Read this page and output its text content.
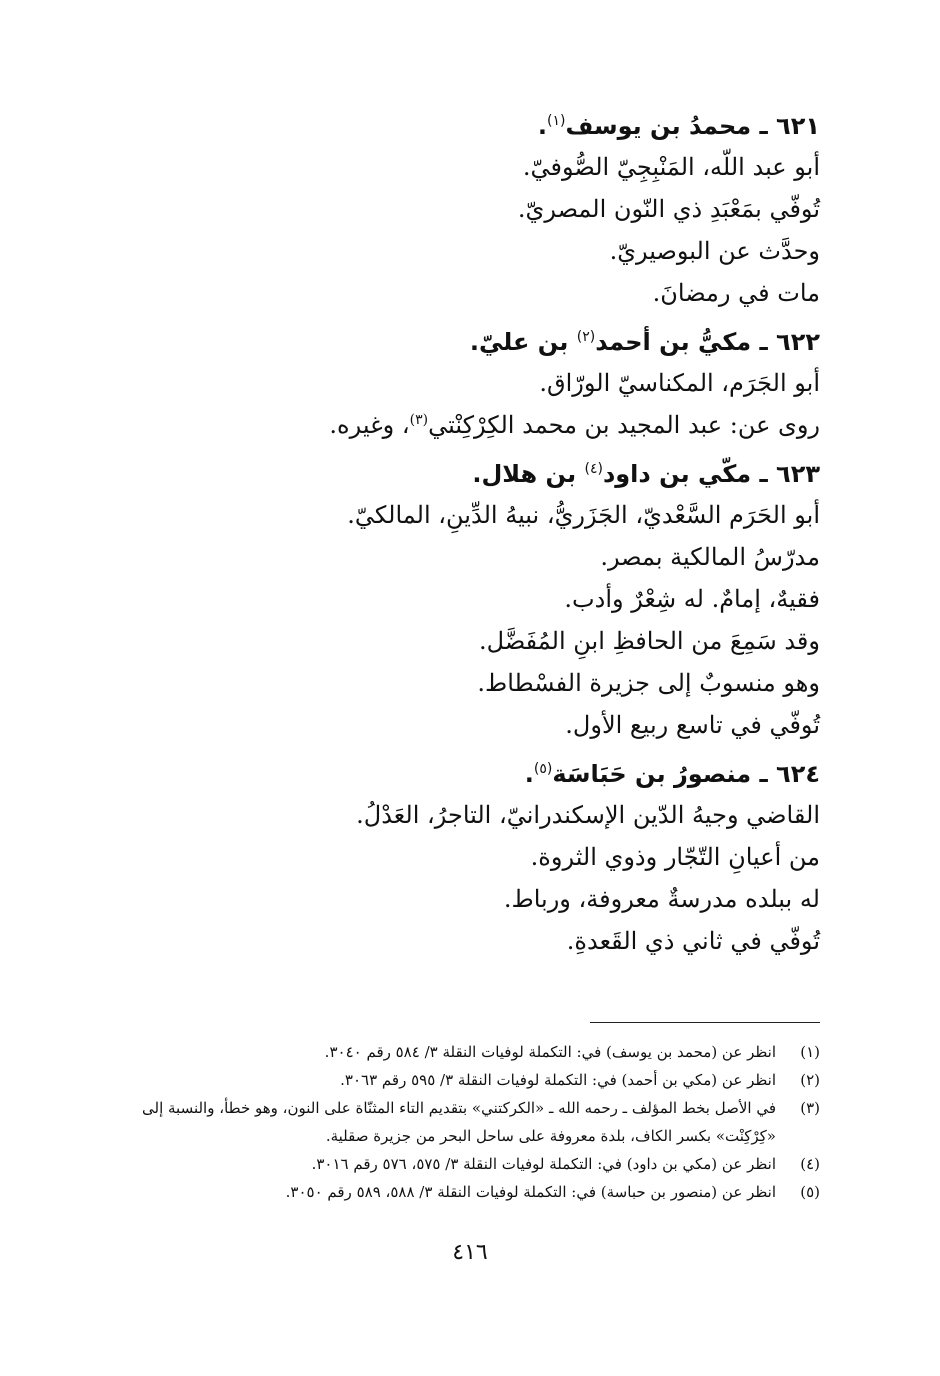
٦٢١ ـ محمدُ بن يوسف$^{(١)}$.
أبو عبد اللّه، المَنْبِجِيّ الصُّوفيّ.
تُوفّي بمَعْبَدِ ذي النّون المصريّ.
وحدَّث عن البوصيريّ.
مات في رمضانَ.
٦٢٢ ـ مكيُّ بن أحمد$^{(٢)}$ بن عليّ.
أبو الجَرَم، المكناسيّ الورّاق.
روى عن: عبد المجيد بن محمد الكِرْكِنْتي$^{(٣)}$، وغيره.
٦٢٣ ـ مكّي بن داود$^{(٤)}$ بن هلال.
أبو الحَرَم السَّعْديّ، الجَزَريُّ، نبيهُ الدِّينِ، المالكيّ.
مدرّسُ المالكية بمصر.
فقيهٌ، إمامٌ. له شِعْرٌ وأدب.
وقد سَمِعَ من الحافظِ ابنِ المُفَضَّل.
وهو منسوبٌ إلى جزيرة الفسْطاط.
تُوفّي في تاسع ربيع الأول.
٦٢٤ ـ منصورُ بن حَبَاسَة$^{(٥)}$.
القاضي وجيهُ الدّين الإسكندرانيّ، التاجرُ، العَدْلُ.
من أعيانِ التّجّار وذوي الثروة.
له ببلده مدرسةٌ معروفة، ورباط.
تُوفّي في ثاني ذي القَعدةِ.
(١)
انظر عن (محمد بن يوسف) في: التكملة لوفيات النقلة ٣/ ٥٨٤ رقم ٣٠٤٠.
(٢)
انظر عن (مكي بن أحمد) في: التكملة لوفيات النقلة ٣/ ٥٩٥ رقم ٣٠٦٣.
(٣)
في الأصل بخط المؤلف ـ رحمه الله ـ «الكركتني» بتقديم التاء المثنّاة على النون، وهو خطأ، والنسبة إلى «كِرْكِنْت» بكسر الكاف، بلدة معروفة على ساحل البحر من جزيرة صقلية.
(٤)
انظر عن (مكي بن داود) في: التكملة لوفيات النقلة ٣/ ٥٧٥، ٥٧٦ رقم ٣٠١٦.
(٥)
انظر عن (منصور بن حباسة) في: التكملة لوفيات النقلة ٣/ ٥٨٨، ٥٨٩ رقم ٣٠٥٠.
٤١٦
